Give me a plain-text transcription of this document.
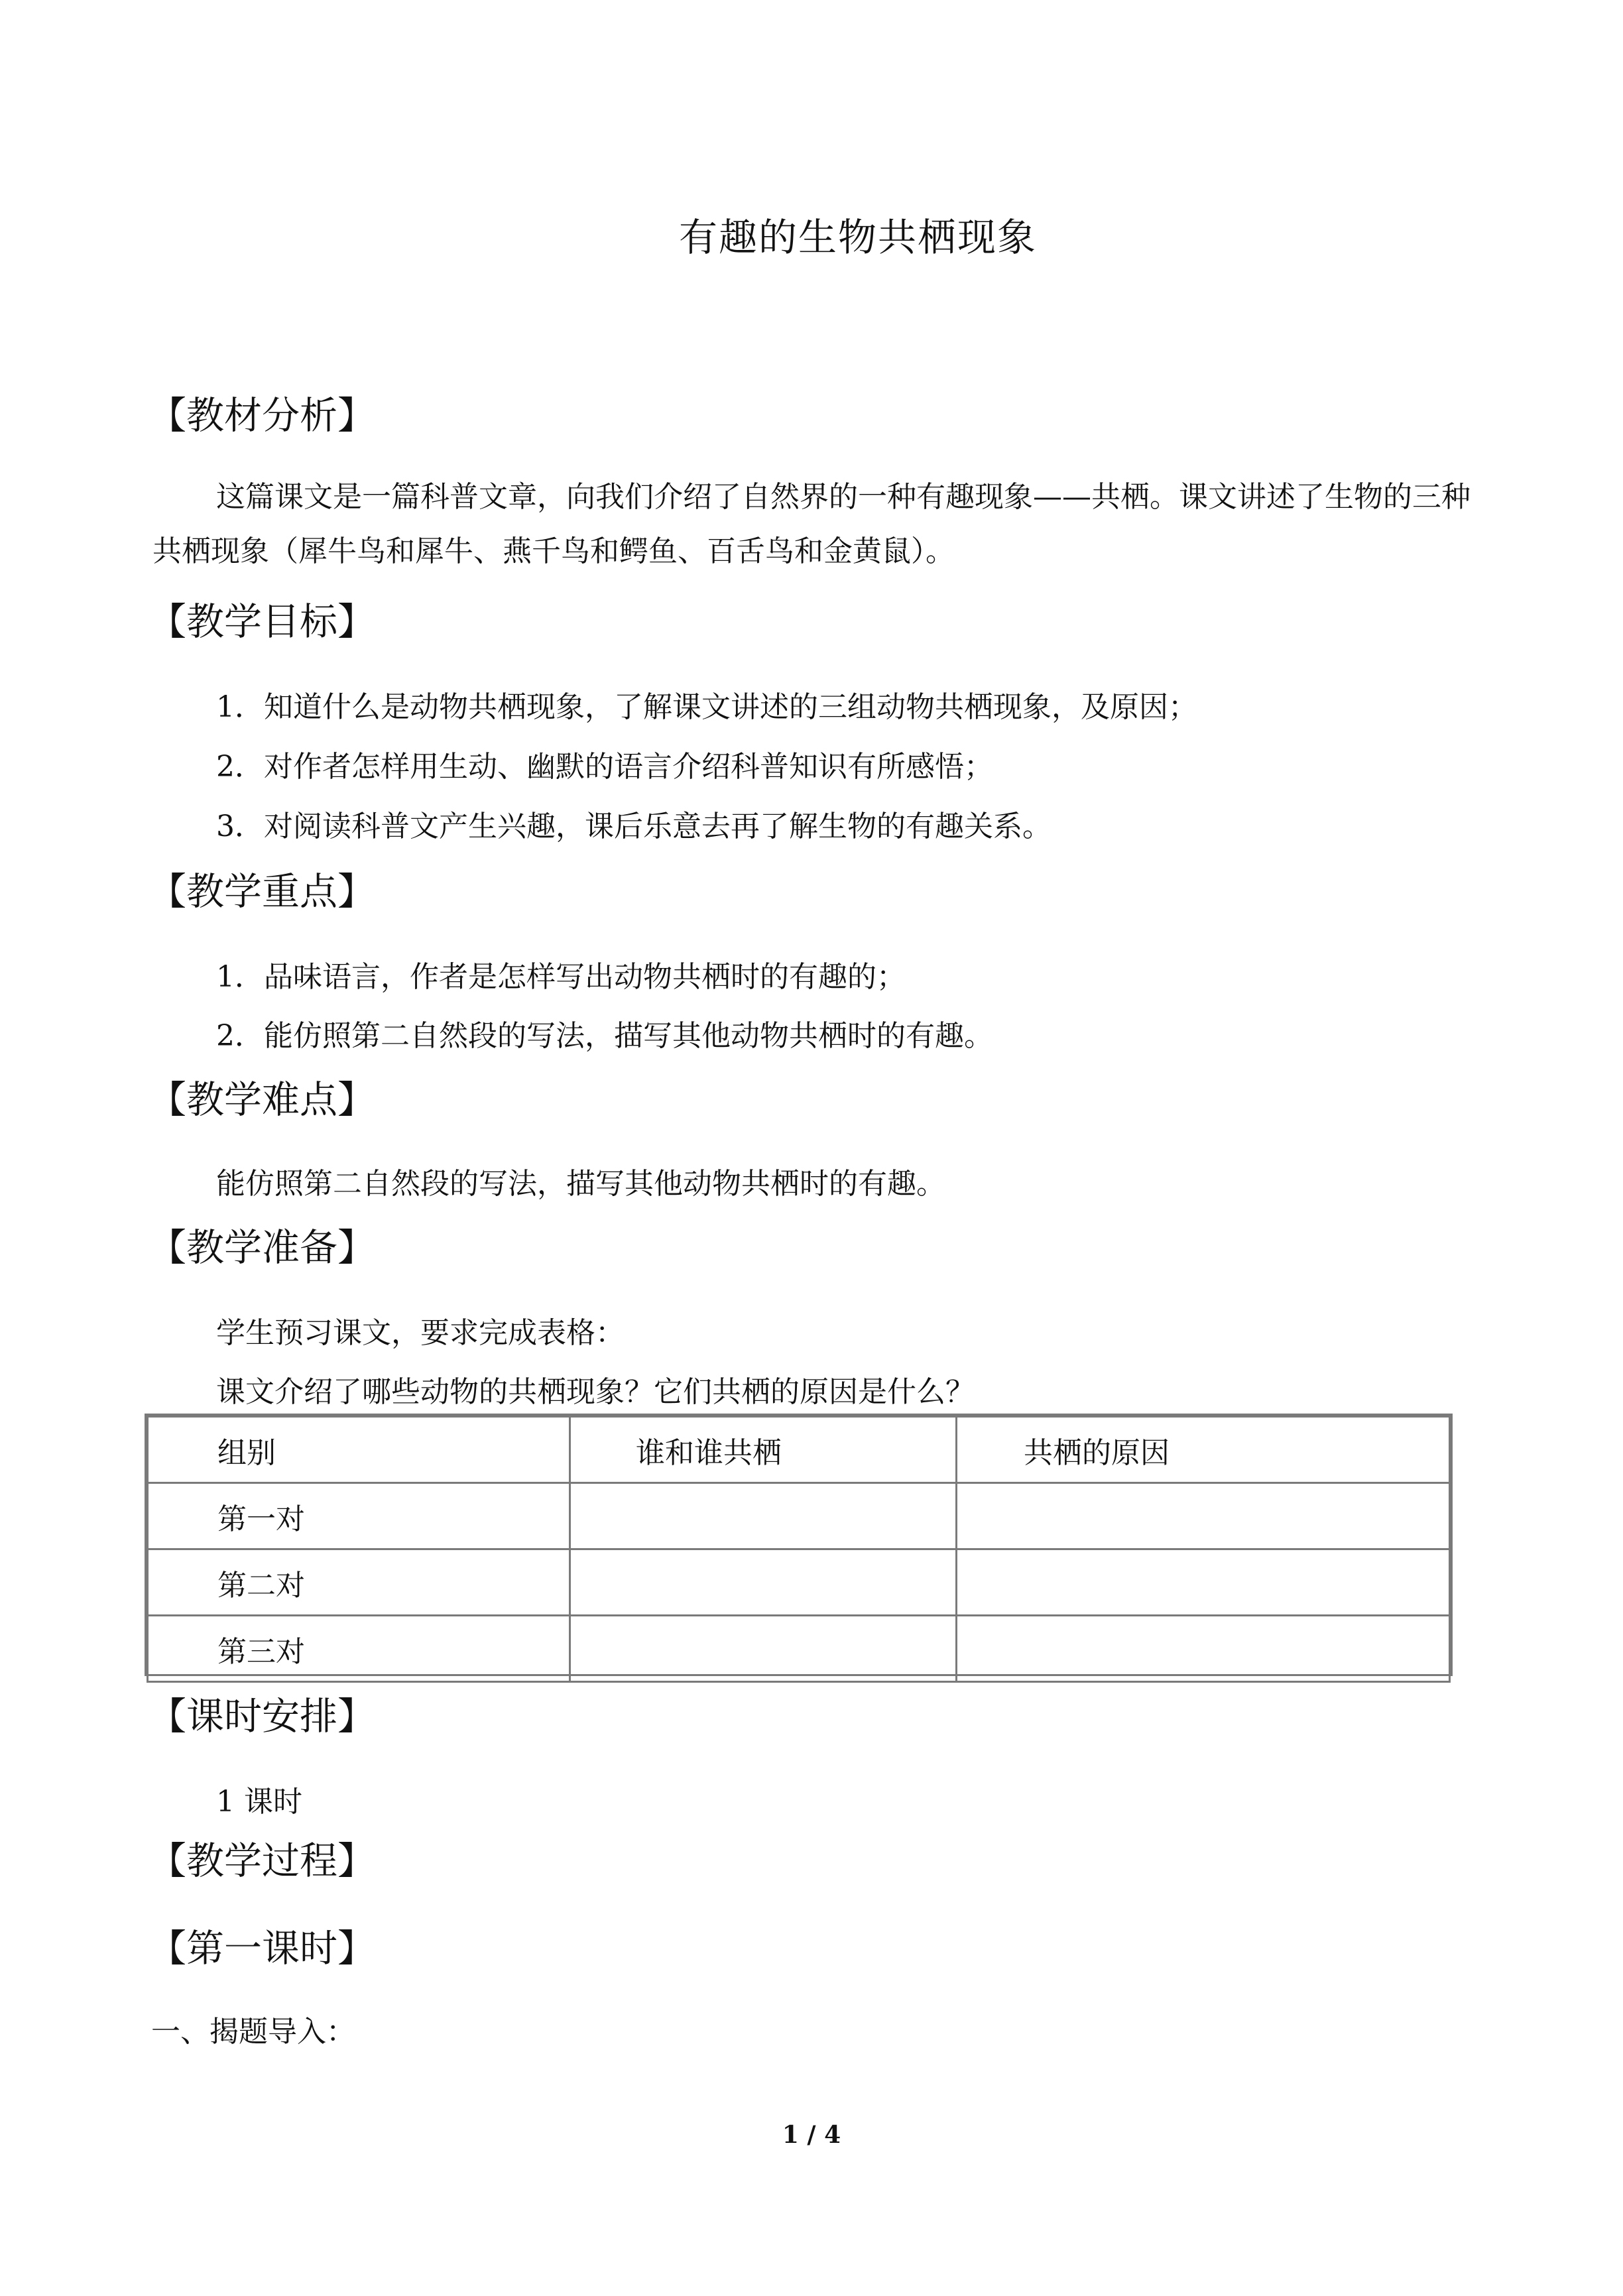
有趣的生物共栖现象
【教材分析】
这篇课文是一篇科普文章，向我们介绍了自然界的一种有趣现象——共栖。课文讲述了生物的三种共栖现象（犀牛鸟和犀牛、燕千鸟和鳄鱼、百舌鸟和金黄鼠）。
【教学目标】
1．知道什么是动物共栖现象，了解课文讲述的三组动物共栖现象，及原因；
2．对作者怎样用生动、幽默的语言介绍科普知识有所感悟；
3．对阅读科普文产生兴趣，课后乐意去再了解生物的有趣关系。
【教学重点】
1．品味语言，作者是怎样写出动物共栖时的有趣的；
2．能仿照第二自然段的写法，描写其他动物共栖时的有趣。
【教学难点】
能仿照第二自然段的写法，描写其他动物共栖时的有趣。
【教学准备】
学生预习课文，要求完成表格：
课文介绍了哪些动物的共栖现象？它们共栖的原因是什么？
组别	谁和谁共栖	共栖的原因
第一对		
第二对		
第三对		
【课时安排】
1 课时
【教学过程】
【第一课时】
一、揭题导入：
1 / 4
